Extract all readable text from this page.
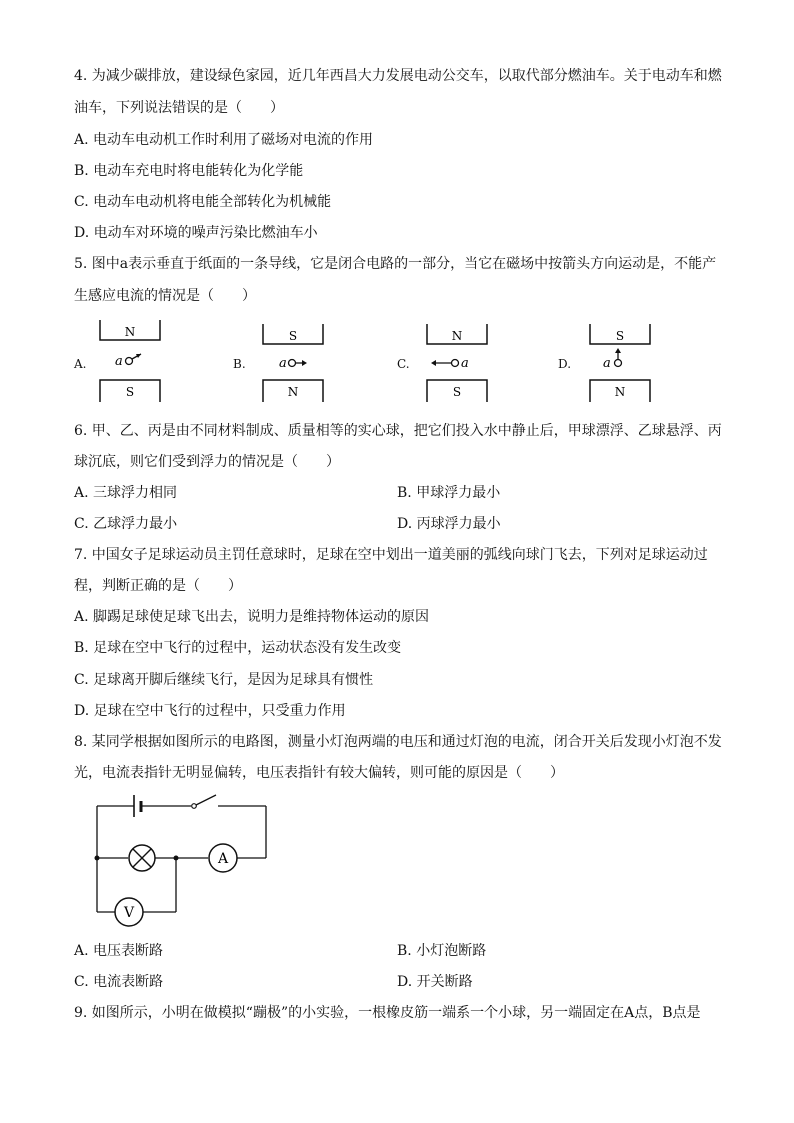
4. 为减少碳排放，建设绿色家园，近几年西昌大力发展电动公交车，以取代部分燃油车。关于电动车和燃
油车，下列说法错误的是（　　）
A. 电动车电动机工作时利用了磁场对电流的作用
B. 电动车充电时将电能转化为化学能
C. 电动车电动机将电能全部转化为机械能
D. 电动车对环境的噪声污染比燃油车小
5. 图中a表示垂直于纸面的一条导线，它是闭合电路的一部分，当它在磁场中按箭头方向运动是，不能产
生感应电流的情况是（　　）
A.
N
S
a	B.
S
N
a	C.
N
S
a	D.
S
N
a
6. 甲、乙、丙是由不同材料制成、质量相等的实心球，把它们投入水中静止后，甲球漂浮、乙球悬浮、丙
球沉底，则它们受到浮力的情况是（　　）
A. 三球浮力相同	B. 甲球浮力最小
C. 乙球浮力最小	D. 丙球浮力最小
7. 中国女子足球运动员主罚任意球时，足球在空中划出一道美丽的弧线向球门飞去，下列对足球运动过
程，判断正确的是（　　）
A. 脚踢足球使足球飞出去，说明力是维持物体运动的原因
B. 足球在空中飞行的过程中，运动状态没有发生改变
C. 足球离开脚后继续飞行，是因为足球具有惯性
D. 足球在空中飞行的过程中，只受重力作用
8. 某同学根据如图所示的电路图，测量小灯泡两端的电压和通过灯泡的电流，闭合开关后发现小灯泡不发
光，电流表指针无明显偏转，电压表指针有较大偏转，则可能的原因是（　　）
A
V
A. 电压表断路	B. 小灯泡断路
C. 电流表断路	D. 开关断路
9. 如图所示，小明在做模拟“蹦极”的小实验，一根橡皮筋一端系一个小球，另一端固定在A点，B点是
